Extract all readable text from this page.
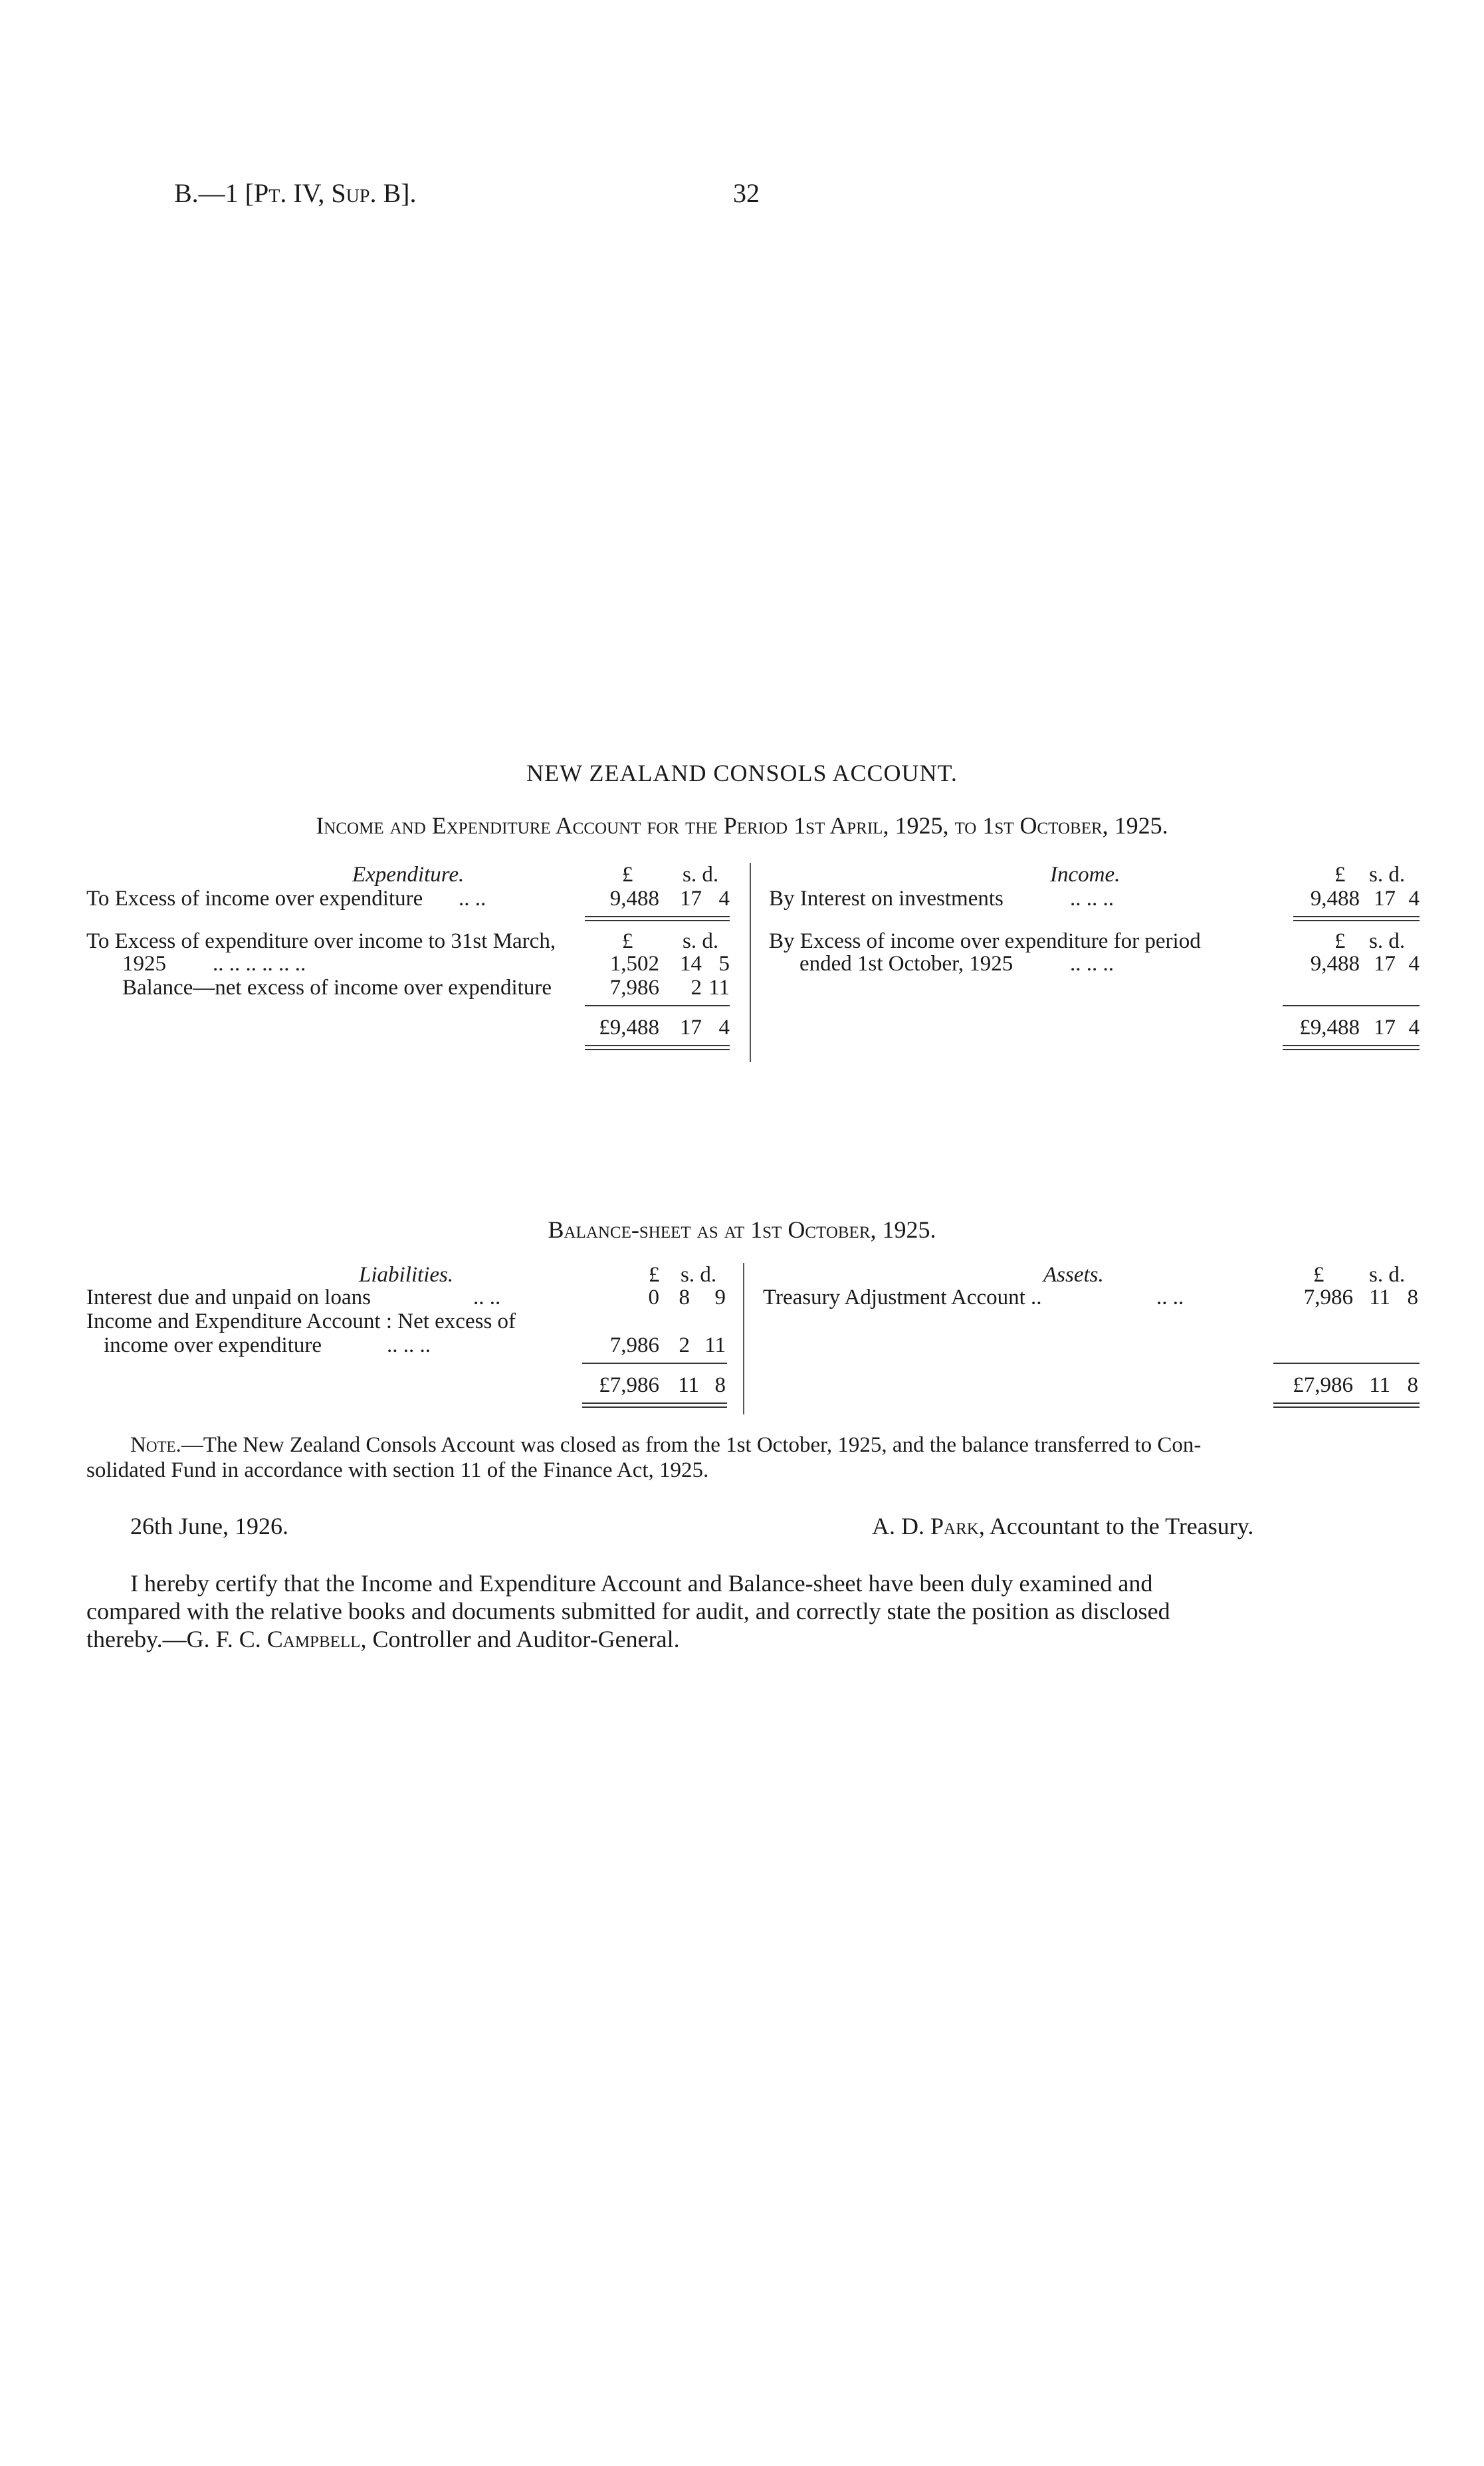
B.—1 [Pt. IV, Sup. B].	32
NEW ZEALAND CONSOLS ACCOUNT.
Income and Expenditure Account for the Period 1st April, 1925, to 1st October, 1925.
Expenditure.	£ s. d.
To Excess of income over expenditure .. ..	9,488 17 4
To Excess of expenditure over income to 31st March,	£ s. d.
1925 .. .. .. .. .. ..	1,502 14 5
Balance—net excess of income over expenditure	7,986	2 11
£9,488 17 4
Income.	£ s. d.
By Interest on investments	.. .. ..	9,488 17 4
By Excess of income over expenditure for period	£ s. d.
ended 1st October, 1925	.. .. ..	9,488 17 4
£9,488 17 4
Balance-sheet as at 1st October, 1925.
Liabilities.	£ s. d.
Interest due and unpaid on loans	.. ..	0 8	9
Income and Expenditure Account : Net excess of
income over expenditure	.. .. ..	7,986 2 11
£7,986 11 8
Assets.	£ s. d.
Treasury Adjustment Account ..	.. ..	7,986 11 8
£7,986 11 8
Note.—The New Zealand Consols Account was closed as from the 1st October, 1925, and the balance transferred to Con-
solidated Fund in accordance with section 11 of the Finance Act, 1925.
26th June, 1926.	A. D. Park, Accountant to the Treasury.
I hereby certify that the Income and Expenditure Account and Balance-sheet have been duly examined and
compared with the relative books and documents submitted for audit, and correctly state the position as disclosed
thereby.—G. F. C. Campbell, Controller and Auditor-General.
